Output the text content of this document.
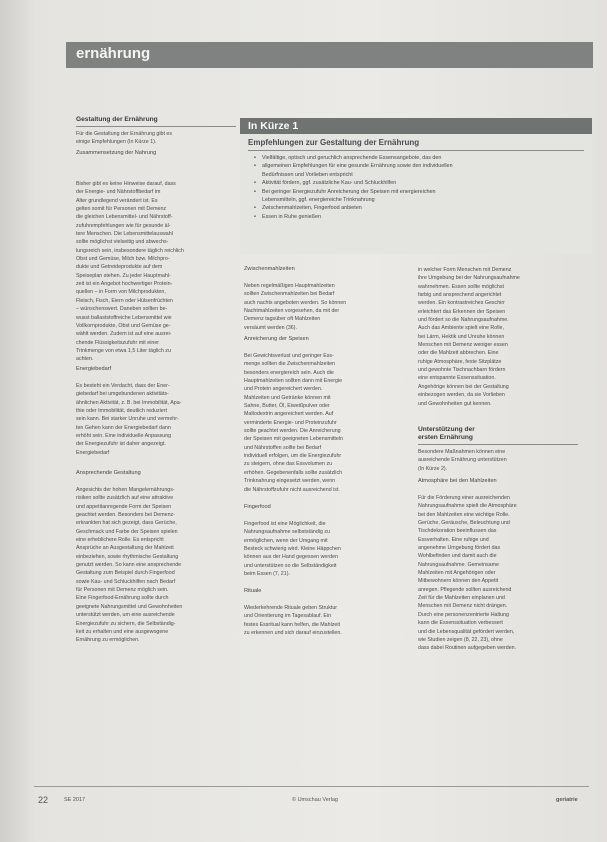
ernährung
Gestaltung der Ernährung
Für die Gestaltung der Ernährung gibt es
einige Empfehlungen (In Kürze 1).
Zusammensetzung der Nahrung
Bisher gibt es keine Hinweise darauf, dass
der Energie- und Nährstoffbedarf im
Alter grundlegend verändert ist. Es
gelten somit für Personen mit Demenz
die gleichen Lebensmittel- und Nährstoff-
zufuhrempfehlungen wie für gesunde äl-
tere Menschen. Die Lebensmittelauswahl
sollte möglichst vielseitig und abwechs-
lungsreich sein, insbesondere täglich reichlich
Obst und Gemüse, Milch bzw. Milchpro-
dukte und Getreideprodukte auf dem
Speiseplan stehen. Zu jeder Hauptmahl-
zeit ist ein Angebot hochwertiger Protein-
quellen – in Form von Milchprodukten,
Fleisch, Fisch, Eiern oder Hülsenfrüchten
– wünschenswert. Daneben sollten be-
wusst ballaststoffreiche Lebensmittel wie
Vollkornprodukte, Obst und Gemüse ge-
wählt werden. Zudem ist auf eine ausrei-
chende Flüssigkeitszufuhr mit einer
Trinkmenge von etwa 1,5 Liter täglich zu
achten.
Energiebedarf
Es besteht ein Verdacht, dass der Ener-
giebedarf bei umgebundenen aktivitäts-
ähnlichen Aktivität, z. B. bei Immobilität, Apa-
thie oder Immobilität, deutlich reduziert
sein kann. Bei starker Unruhe und vermehr-
ten Gehen kann der Energiebedarf dann
erhöht sein. Eine individuelle Anpassung
der Energiezufuhr ist daher angezeigt.
Energiebedarf
Ansprechende Gestaltung
Angesichts der hohen Mangelernährungs-
risiken sollte zusätzlich auf eine attraktive
und appetitanregende Form der Speisen
geachtet werden. Besonders bei Demenz-
erkrankten hat sich gezeigt, dass Gerüche,
Geschmack und Farbe der Speisen spielen
eine erheblichere Rolle. Es entspricht
Ansprüche an Ausgestaltung der Mahlzeit
einbeziehen, sowie rhythmische Gestaltung
genutzt werden. So kann eine ansprechende
Gestaltung zum Beispiel durch Fingerfood
sowie Kau- und Schluckhilfen nach Bedarf
für Personen mit Demenz möglich sein.
Eine Fingerfood-Ernährung sollte durch
geeignete Nahrungsmittel und Gewohnheiten
unterstützt werden, um eine ausreichende
Energiezufuhr zu sichern, die Selbständig-
keit zu erhalten und eine ausgewogene
Ernährung zu ermöglichen.
In Kürze 1
Empfehlungen zur Gestaltung der Ernährung
• Vielfältige, optisch und geruchlich ansprechende Essensangebote, das den
• allgemeinen Empfehlungen für eine gesunde Ernährung sowie den individuellen
Bedürfnissen und Vorlieben entspricht
• Aktivität fördern, ggf. zusätzliche Kau- und Schluckhilfen
• Bei geringer Energiezufuhr Anreicherung der Speisen mit energiereichen
Lebensmitteln, ggf. energiereiche Trinknahrung
• Zwischenmahlzeiten, Fingerfood anbieten
• Essen in Ruhe genießen
Zwischenmahlzeiten
Neben regelmäßigen Hauptmahlzeiten
sollten Zwischenmahlzeiten bei Bedarf
auch nachts angeboten werden. So können
Nachtmahlzeiten vorgesehen, da mit der
Demenz tagsüber oft Mahlzeiten
versäumt werden (36).
Anreicherung der Speisen
Bei Gewichtsverlust und geringer Ess-
menge sollten die Zwischenmahlzeiten
besonders energiereich sein. Auch die
Hauptmahlzeiten sollten dann mit Energie
und Protein angereichert werden.
Mahlzeiten und Getränke können mit
Sahne, Butter, Öl, Eiweißpulver oder
Maltodextrin angereichert werden. Auf
verminderte Energie- und Proteinzufuhr
sollte geachtet werden. Die Anreicherung
der Speisen mit geeigneten Lebensmitteln
und Nährstoffen sollte bei Bedarf
individuell erfolgen, um die Energiezufuhr
zu steigern, ohne das Essvolumen zu
erhöhen. Gegebenenfalls sollte zusätzlich
Trinknahrung eingesetzt werden, wenn
die Nährstoffzufuhr nicht ausreichend ist.
Fingerfood
Fingerfood ist eine Möglichkeit, die
Nahrungsaufnahme selbstständig zu
ermöglichen, wenn der Umgang mit
Besteck schwierig wird. Kleine Häppchen
können aus der Hand gegessen werden
und unterstützen so die Selbständigkeit
beim Essen (7, 21).
Rituale
Wiederkehrende Rituale geben Struktur
und Orientierung im Tagesablauf. Ein
festes Essritual kann helfen, die Mahlzeit
zu erkennen und sich darauf einzustellen.
in welcher Form Menschen mit Demenz
ihre Umgebung bei der Nahrungsaufnahme
wahrnehmen. Essen sollte möglichst
farbig und ansprechend angerichtet
werden. Ein kontrastreiches Geschirr
erleichtert das Erkennen der Speisen
und fördert so die Nahrungsaufnahme.
Auch das Ambiente spielt eine Rolle,
bei Lärm, Hektik und Unruhe können
Menschen mit Demenz weniger essen
oder die Mahlzeit abbrechen. Eine
ruhige Atmosphäre, feste Sitzplätze
und gewohnte Tischnachbarn fördern
eine entspannte Essenssituation.
Angehörige können bei der Gestaltung
einbezogen werden, da sie Vorlieben
und Gewohnheiten gut kennen.
Unterstützung der
ersten Ernährung
Besondere Maßnahmen können eine
ausreichende Ernährung unterstützen
(In Kürze 2).
Atmosphäre bei den Mahlzeiten
Für die Förderung einer ausreichenden
Nahrungsaufnahme spielt die Atmosphäre
bei den Mahlzeiten eine wichtige Rolle.
Gerüche, Geräusche, Beleuchtung und
Tischdekoration beeinflussen das
Essverhalten. Eine ruhige und
angenehme Umgebung fördert das
Wohlbefinden und damit auch die
Nahrungsaufnahme. Gemeinsame
Mahlzeiten mit Angehörigen oder
Mitbewohnern können den Appetit
anregen. Pflegende sollten ausreichend
Zeit für die Mahlzeiten einplanen und
Menschen mit Demenz nicht drängen.
Durch eine personenzentrierte Haltung
kann die Essenssituation verbessert
und die Lebensqualität gefördert werden,
wie Studien zeigen (8, 22, 23), ohne
dass dabei Routinen aufgegeben werden.
22	SE 2017	© Umschau Verlag	geriatrie
